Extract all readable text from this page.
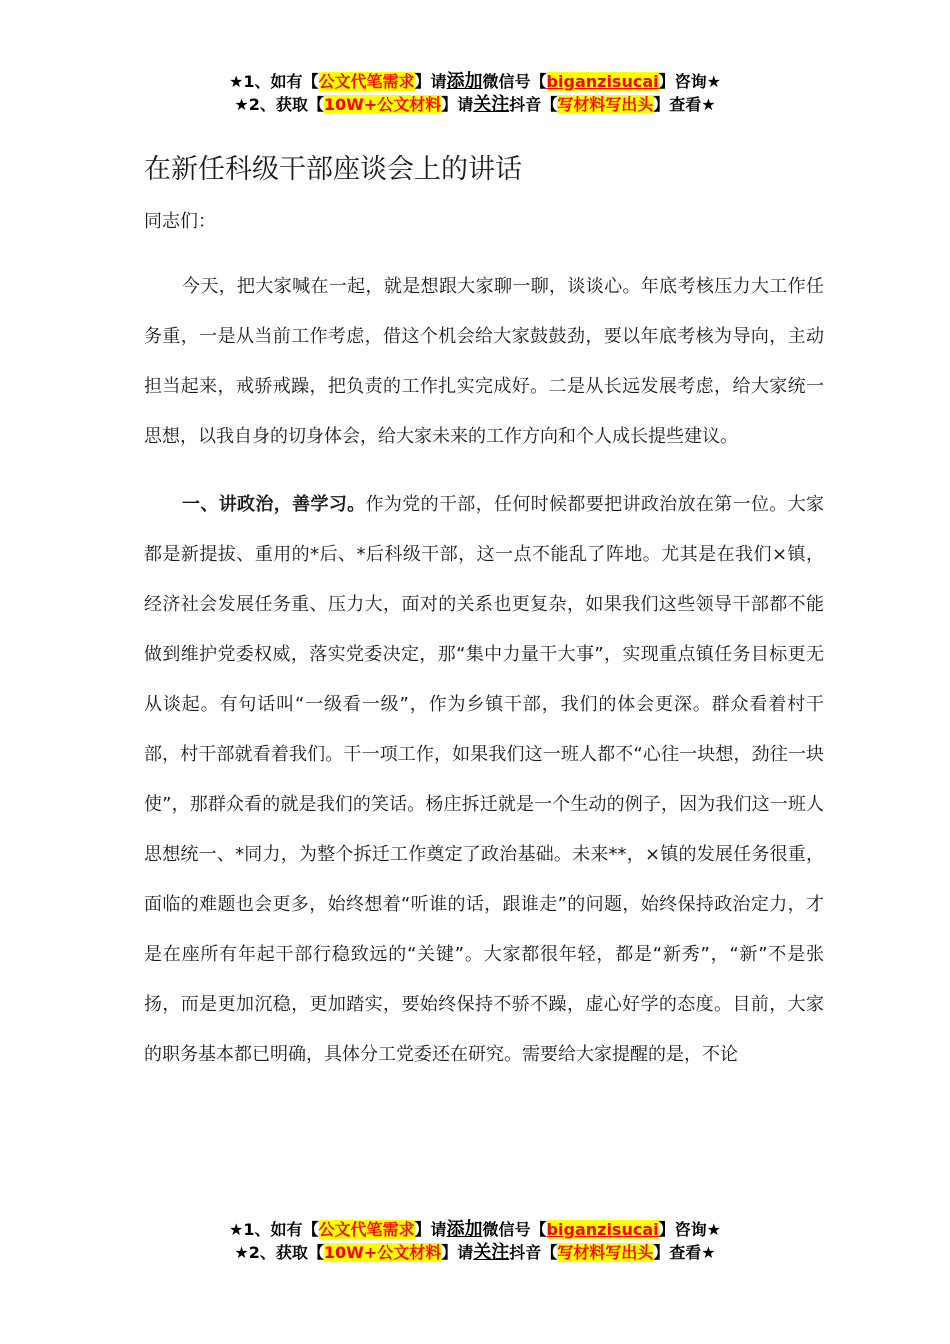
★1、如有【公文代笔需求】请添加微信号【biganzisucai】咨询★
★2、获取【10W+公文材料】请关注抖音【写材料写出头】查看★
在新任科级干部座谈会上的讲话
同志们：

今天，把大家喊在一起，就是想跟大家聊一聊，谈谈心。年底考核压力大工作任务重，一是从当前工作考虑，借这个机会给大家鼓鼓劲，要以年底考核为导向，主动担当起来，戒骄戒躁，把负责的工作扎实完成好。二是从长远发展考虑，给大家统一思想，以我自身的切身体会，给大家未来的工作方向和个人成长提些建议。

一、讲政治，善学习。作为党的干部，任何时候都要把讲政治放在第一位。大家都是新提拔、重用的*后、*后科级干部，这一点不能乱了阵地。尤其是在我们×镇，经济社会发展任务重、压力大，面对的关系也更复杂，如果我们这些领导干部都不能做到维护党委权威，落实党委决定，那“集中力量干大事”，实现重点镇任务目标更无从谈起。有句话叫“一级看一级”，作为乡镇干部，我们的体会更深。群众看着村干部，村干部就看着我们。干一项工作，如果我们这一班人都不“心往一块想，劲往一块使”，那群众看的就是我们的笑话。杨庄拆迁就是一个生动的例子，因为我们这一班人思想统一、*同力，为整个拆迁工作奠定了政治基础。未来**，×镇的发展任务很重，面临的难题也会更多，始终想着“听谁的话，跟谁走”的问题，始终保持政治定力，才是在座所有年起干部行稳致远的“关键”。大家都很年轻，都是“新秀”，“新”不是张扬，而是更加沉稳，更加踏实，要始终保持不骄不躁，虚心好学的态度。目前，大家的职务基本都已明确，具体分工党委还在研究。需要给大家提醒的是，不论

★1、如有【公文代笔需求】请添加微信号【biganzisucai】咨询★
★2、获取【10W+公文材料】请关注抖音【写材料写出头】查看★
